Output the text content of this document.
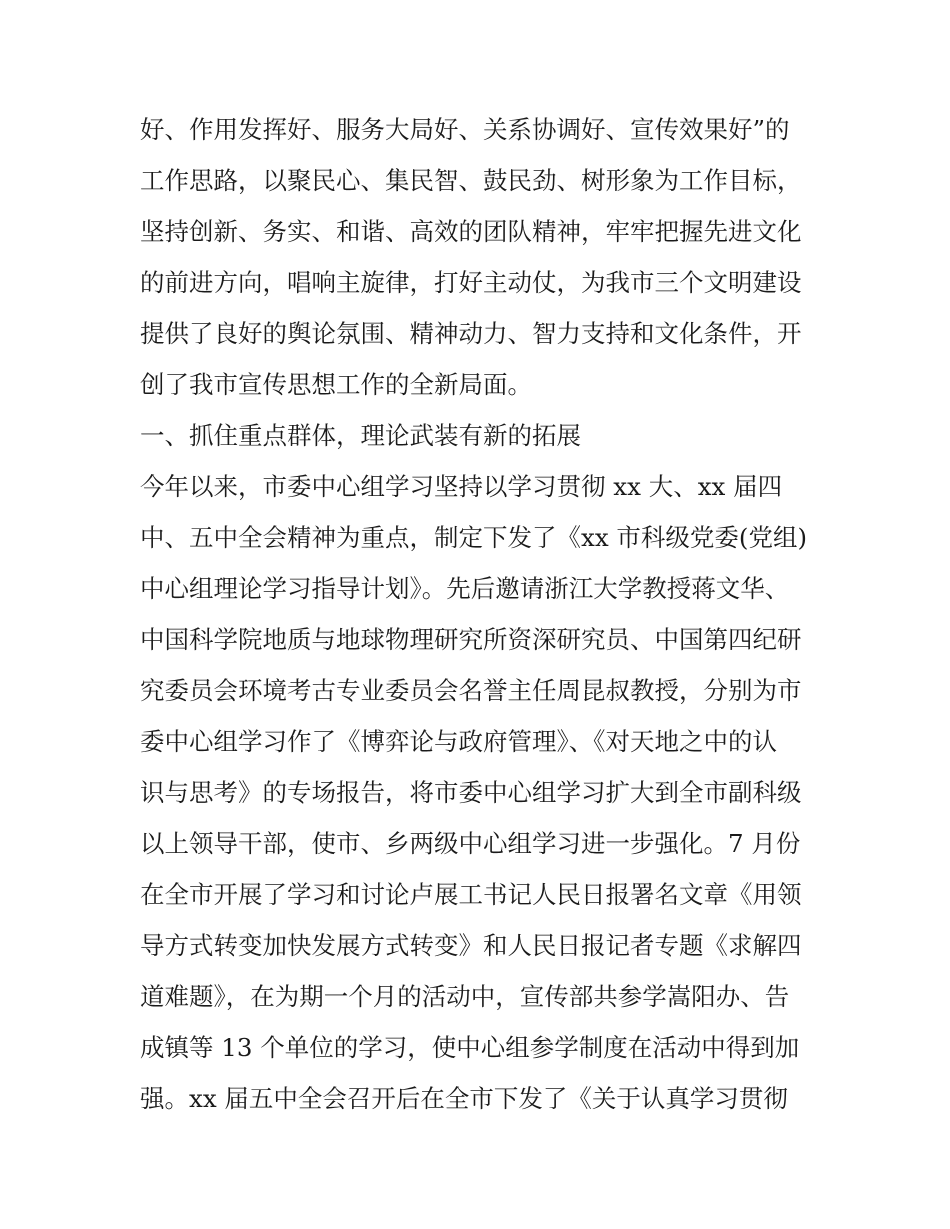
好、作用发挥好、服务大局好、关系协调好、宣传效果好”的
工作思路，以聚民心、集民智、鼓民劲、树形象为工作目标，
坚持创新、务实、和谐、高效的团队精神，牢牢把握先进文化
的前进方向，唱响主旋律，打好主动仗，为我市三个文明建设
提供了良好的舆论氛围、精神动力、智力支持和文化条件，开
创了我市宣传思想工作的全新局面。
一、抓住重点群体，理论武装有新的拓展
今年以来，市委中心组学习坚持以学习贯彻 xx 大、xx 届四
中、五中全会精神为重点，制定下发了《xx 市科级党委(党组)
中心组理论学习指导计划》。先后邀请浙江大学教授蒋文华、
中国科学院地质与地球物理研究所资深研究员、中国第四纪研
究委员会环境考古专业委员会名誉主任周昆叔教授，分别为市
委中心组学习作了《博弈论与政府管理》、《对天地之中的认
识与思考》的专场报告，将市委中心组学习扩大到全市副科级
以上领导干部，使市、乡两级中心组学习进一步强化。7 月份
在全市开展了学习和讨论卢展工书记人民日报署名文章《用领
导方式转变加快发展方式转变》和人民日报记者专题《求解四
道难题》，在为期一个月的活动中，宣传部共参学嵩阳办、告
成镇等 13 个单位的学习，使中心组参学制度在活动中得到加
强。xx 届五中全会召开后在全市下发了《关于认真学习贯彻
